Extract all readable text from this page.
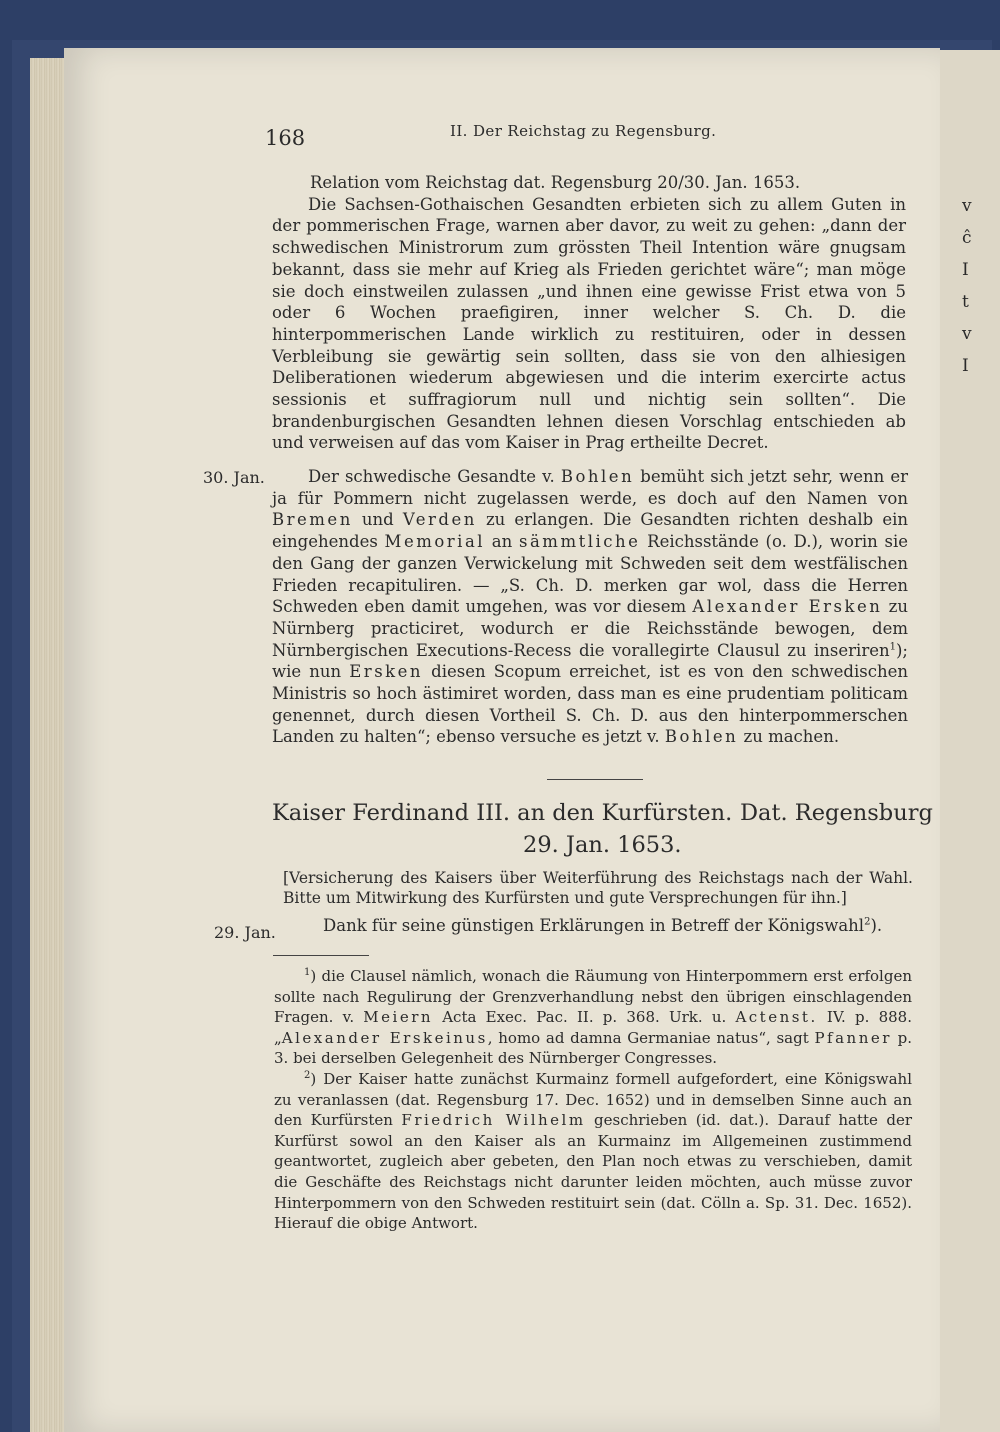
v
ĉ
I
t
v
I
168	II. Der Reichstag zu Regensburg.

Relation vom Reichstag dat. Regensburg 20/30. Jan. 1653.

Die Sachsen-Gothaischen Gesandten erbieten sich zu allem Guten in der pommerischen Frage, warnen aber davor, zu weit zu gehen: „dann der schwedischen Ministrorum zum grössten Theil Intention wäre gnugsam bekannt, dass sie mehr auf Krieg als Frieden gerichtet wäre“; man möge sie doch einstweilen zulassen „und ihnen eine gewisse Frist etwa von 5 oder 6 Wochen praefigiren, inner welcher S. Ch. D. die hinterpommerischen Lande wirklich zu restituiren, oder in dessen Verbleibung sie gewärtig sein sollten, dass sie von den alhiesigen Deliberationen wiederum abgewiesen und die interim exercirte actus sessionis et suffragiorum null und nichtig sein sollten“. Die brandenburgischen Gesandten lehnen diesen Vorschlag entschieden ab und verweisen auf das vom Kaiser in Prag ertheilte Decret.

30. Jan.	Der schwedische Gesandte v. Bohlen bemüht sich jetzt sehr, wenn er ja für Pommern nicht zugelassen werde, es doch auf den Namen von Bremen und Verden zu erlangen. Die Gesandten richten deshalb ein eingehendes Memorial an sämmtliche Reichsstände (o. D.), worin sie den Gang der ganzen Verwickelung mit Schweden seit dem westfälischen Frieden recapituliren. — „S. Ch. D. merken gar wol, dass die Herren Schweden eben damit umgehen, was vor diesem Alexander Ersken zu Nürnberg practiciret, wodurch er die Reichsstände bewogen, dem Nürnbergischen Executions-Recess die vorallegirte Clausul zu inseriren$^1$); wie nun Ersken diesen Scopum erreichet, ist es von den schwedischen Ministris so hoch ästimiret worden, dass man es eine prudentiam politicam genennet, durch diesen Vortheil S. Ch. D. aus den hinterpommerschen Landen zu halten“; ebenso versuche es jetzt v. Bohlen zu machen.

Kaiser Ferdinand III. an den Kurfürsten. Dat. Regensburg
29. Jan. 1653.
[Versicherung des Kaisers über Weiterführung des Reichstags nach der Wahl. Bitte um Mitwirkung des Kurfürsten und gute Versprechungen für ihn.]
29. Jan.	Dank für seine günstigen Erklärungen in Betreff der Königswahl$^2$).

$^1$) die Clausel nämlich, wonach die Räumung von Hinterpommern erst erfolgen sollte nach Regulirung der Grenzverhandlung nebst den übrigen einschlagenden Fragen. v. Meiern Acta Exec. Pac. II. p. 368. Urk. u. Actenst. IV. p. 888. „Alexander Erskeinus, homo ad damna Germaniae natus“, sagt Pfanner p. 3. bei derselben Gelegenheit des Nürnberger Congresses.

$^2$) Der Kaiser hatte zunächst Kurmainz formell aufgefordert, eine Königswahl zu veranlassen (dat. Regensburg 17. Dec. 1652) und in demselben Sinne auch an den Kurfürsten Friedrich Wilhelm geschrieben (id. dat.). Darauf hatte der Kurfürst sowol an den Kaiser als an Kurmainz im Allgemeinen zustimmend geantwortet, zugleich aber gebeten, den Plan noch etwas zu verschieben, damit die Geschäfte des Reichstags nicht darunter leiden möchten, auch müsse zuvor Hinterpommern von den Schweden restituirt sein (dat. Cölln a. Sp. 31. Dec. 1652). Hierauf die obige Antwort.
